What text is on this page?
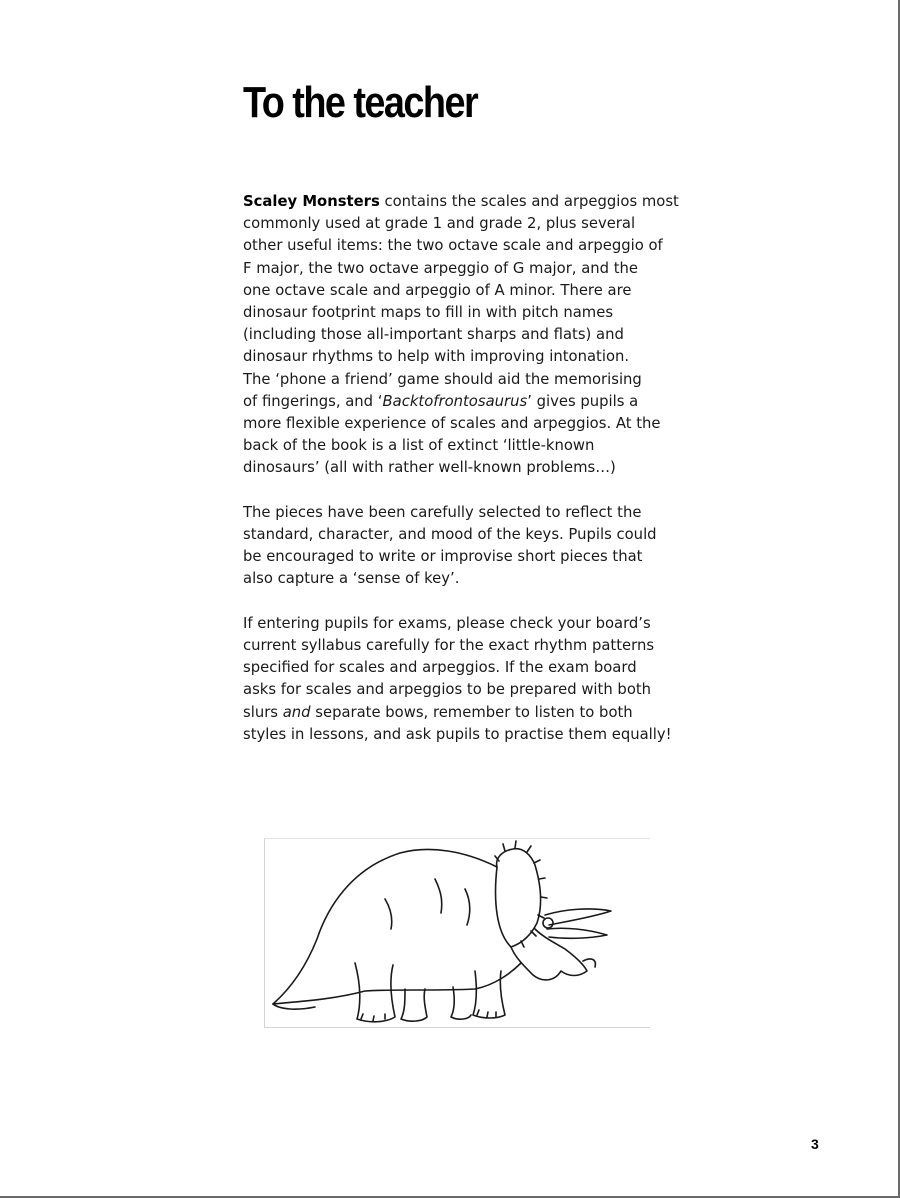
To the teacher

Scaley Monsters contains the scales and arpeggios most
commonly used at grade 1 and grade 2, plus several
other useful items: the two octave scale and arpeggio of
F major, the two octave arpeggio of G major, and the
one octave scale and arpeggio of A minor. There are
dinosaur footprint maps to fill in with pitch names
(including those all-important sharps and flats) and
dinosaur rhythms to help with improving intonation.
The ‘phone a friend’ game should aid the memorising
of fingerings, and ‘Backtofrontosaurus’ gives pupils a
more flexible experience of scales and arpeggios. At the
back of the book is a list of extinct ‘little-known
dinosaurs’ (all with rather well-known problems…)

The pieces have been carefully selected to reflect the
standard, character, and mood of the keys. Pupils could
be encouraged to write or improvise short pieces that
also capture a ‘sense of key’.

If entering pupils for exams, please check your board’s
current syllabus carefully for the exact rhythm patterns
specified for scales and arpeggios. If the exam board
asks for scales and arpeggios to be prepared with both
slurs and separate bows, remember to listen to both
styles in lessons, and ask pupils to practise them equally!

3
